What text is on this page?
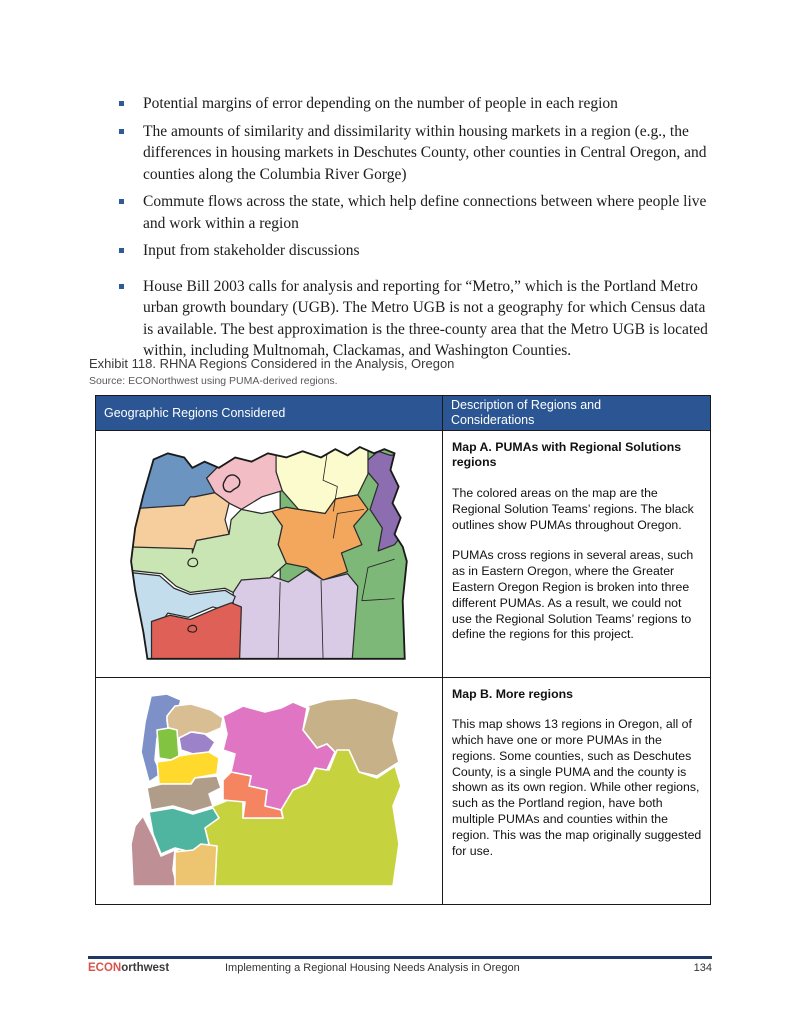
Potential margins of error depending on the number of people in each region
The amounts of similarity and dissimilarity within housing markets in a region (e.g., the differences in housing markets in Deschutes County, other counties in Central Oregon, and counties along the Columbia River Gorge)
Commute flows across the state, which help define connections between where people live and work within a region
Input from stakeholder discussions
House Bill 2003 calls for analysis and reporting for “Metro,” which is the Portland Metro urban growth boundary (UGB). The Metro UGB is not a geography for which Census data is available. The best approximation is the three-county area that the Metro UGB is located within, including Multnomah, Clackamas, and Washington Counties.
Exhibit 118. RHNA Regions Considered in the Analysis, Oregon
Source: ECONorthwest using PUMA-derived regions.
Geographic Regions Considered
Description of Regions and Considerations
Map A. PUMAs with Regional Solutions regions

The colored areas on the map are the Regional Solution Teams’ regions. The black outlines show PUMAs throughout Oregon.

PUMAs cross regions in several areas, such as in Eastern Oregon, where the Greater Eastern Oregon Region is broken into three different PUMAs. As a result, we could not use the Regional Solution Teams’ regions to define the regions for this project.

Map B. More regions

This map shows 13 regions in Oregon, all of which have one or more PUMAs in the regions. Some counties, such as Deschutes County, is a single PUMA and the county is shown as its own region. While other regions, such as the Portland region, have both multiple PUMAs and counties within the region. This was the map originally suggested for use.

ECONorthwest	Implementing a Regional Housing Needs Analysis in Oregon	134
